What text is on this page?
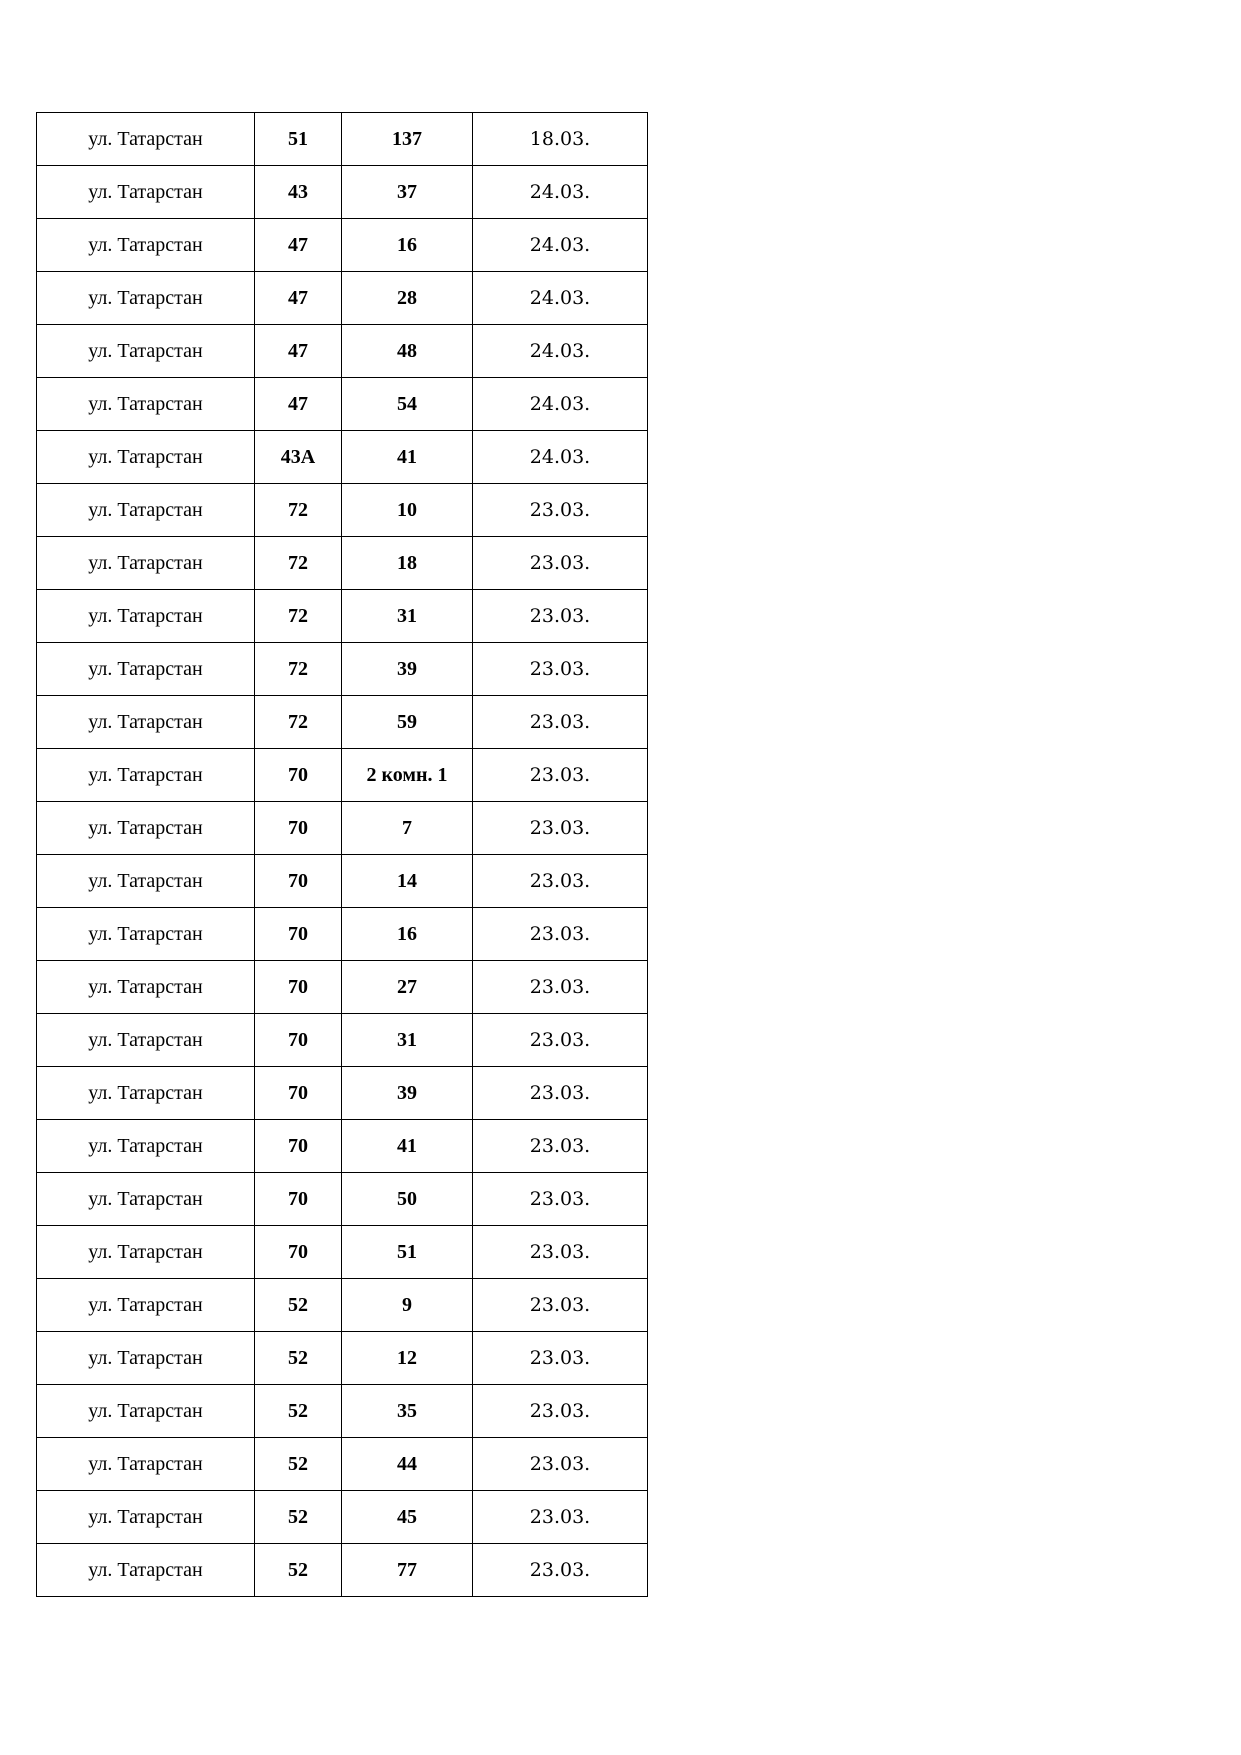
ул. Татарстан	51	137	18.03.
ул. Татарстан	43	37	24.03.
ул. Татарстан	47	16	24.03.
ул. Татарстан	47	28	24.03.
ул. Татарстан	47	48	24.03.
ул. Татарстан	47	54	24.03.
ул. Татарстан	43А	41	24.03.
ул. Татарстан	72	10	23.03.
ул. Татарстан	72	18	23.03.
ул. Татарстан	72	31	23.03.
ул. Татарстан	72	39	23.03.
ул. Татарстан	72	59	23.03.
ул. Татарстан	70	2 комн. 1	23.03.
ул. Татарстан	70	7	23.03.
ул. Татарстан	70	14	23.03.
ул. Татарстан	70	16	23.03.
ул. Татарстан	70	27	23.03.
ул. Татарстан	70	31	23.03.
ул. Татарстан	70	39	23.03.
ул. Татарстан	70	41	23.03.
ул. Татарстан	70	50	23.03.
ул. Татарстан	70	51	23.03.
ул. Татарстан	52	9	23.03.
ул. Татарстан	52	12	23.03.
ул. Татарстан	52	35	23.03.
ул. Татарстан	52	44	23.03.
ул. Татарстан	52	45	23.03.
ул. Татарстан	52	77	23.03.
